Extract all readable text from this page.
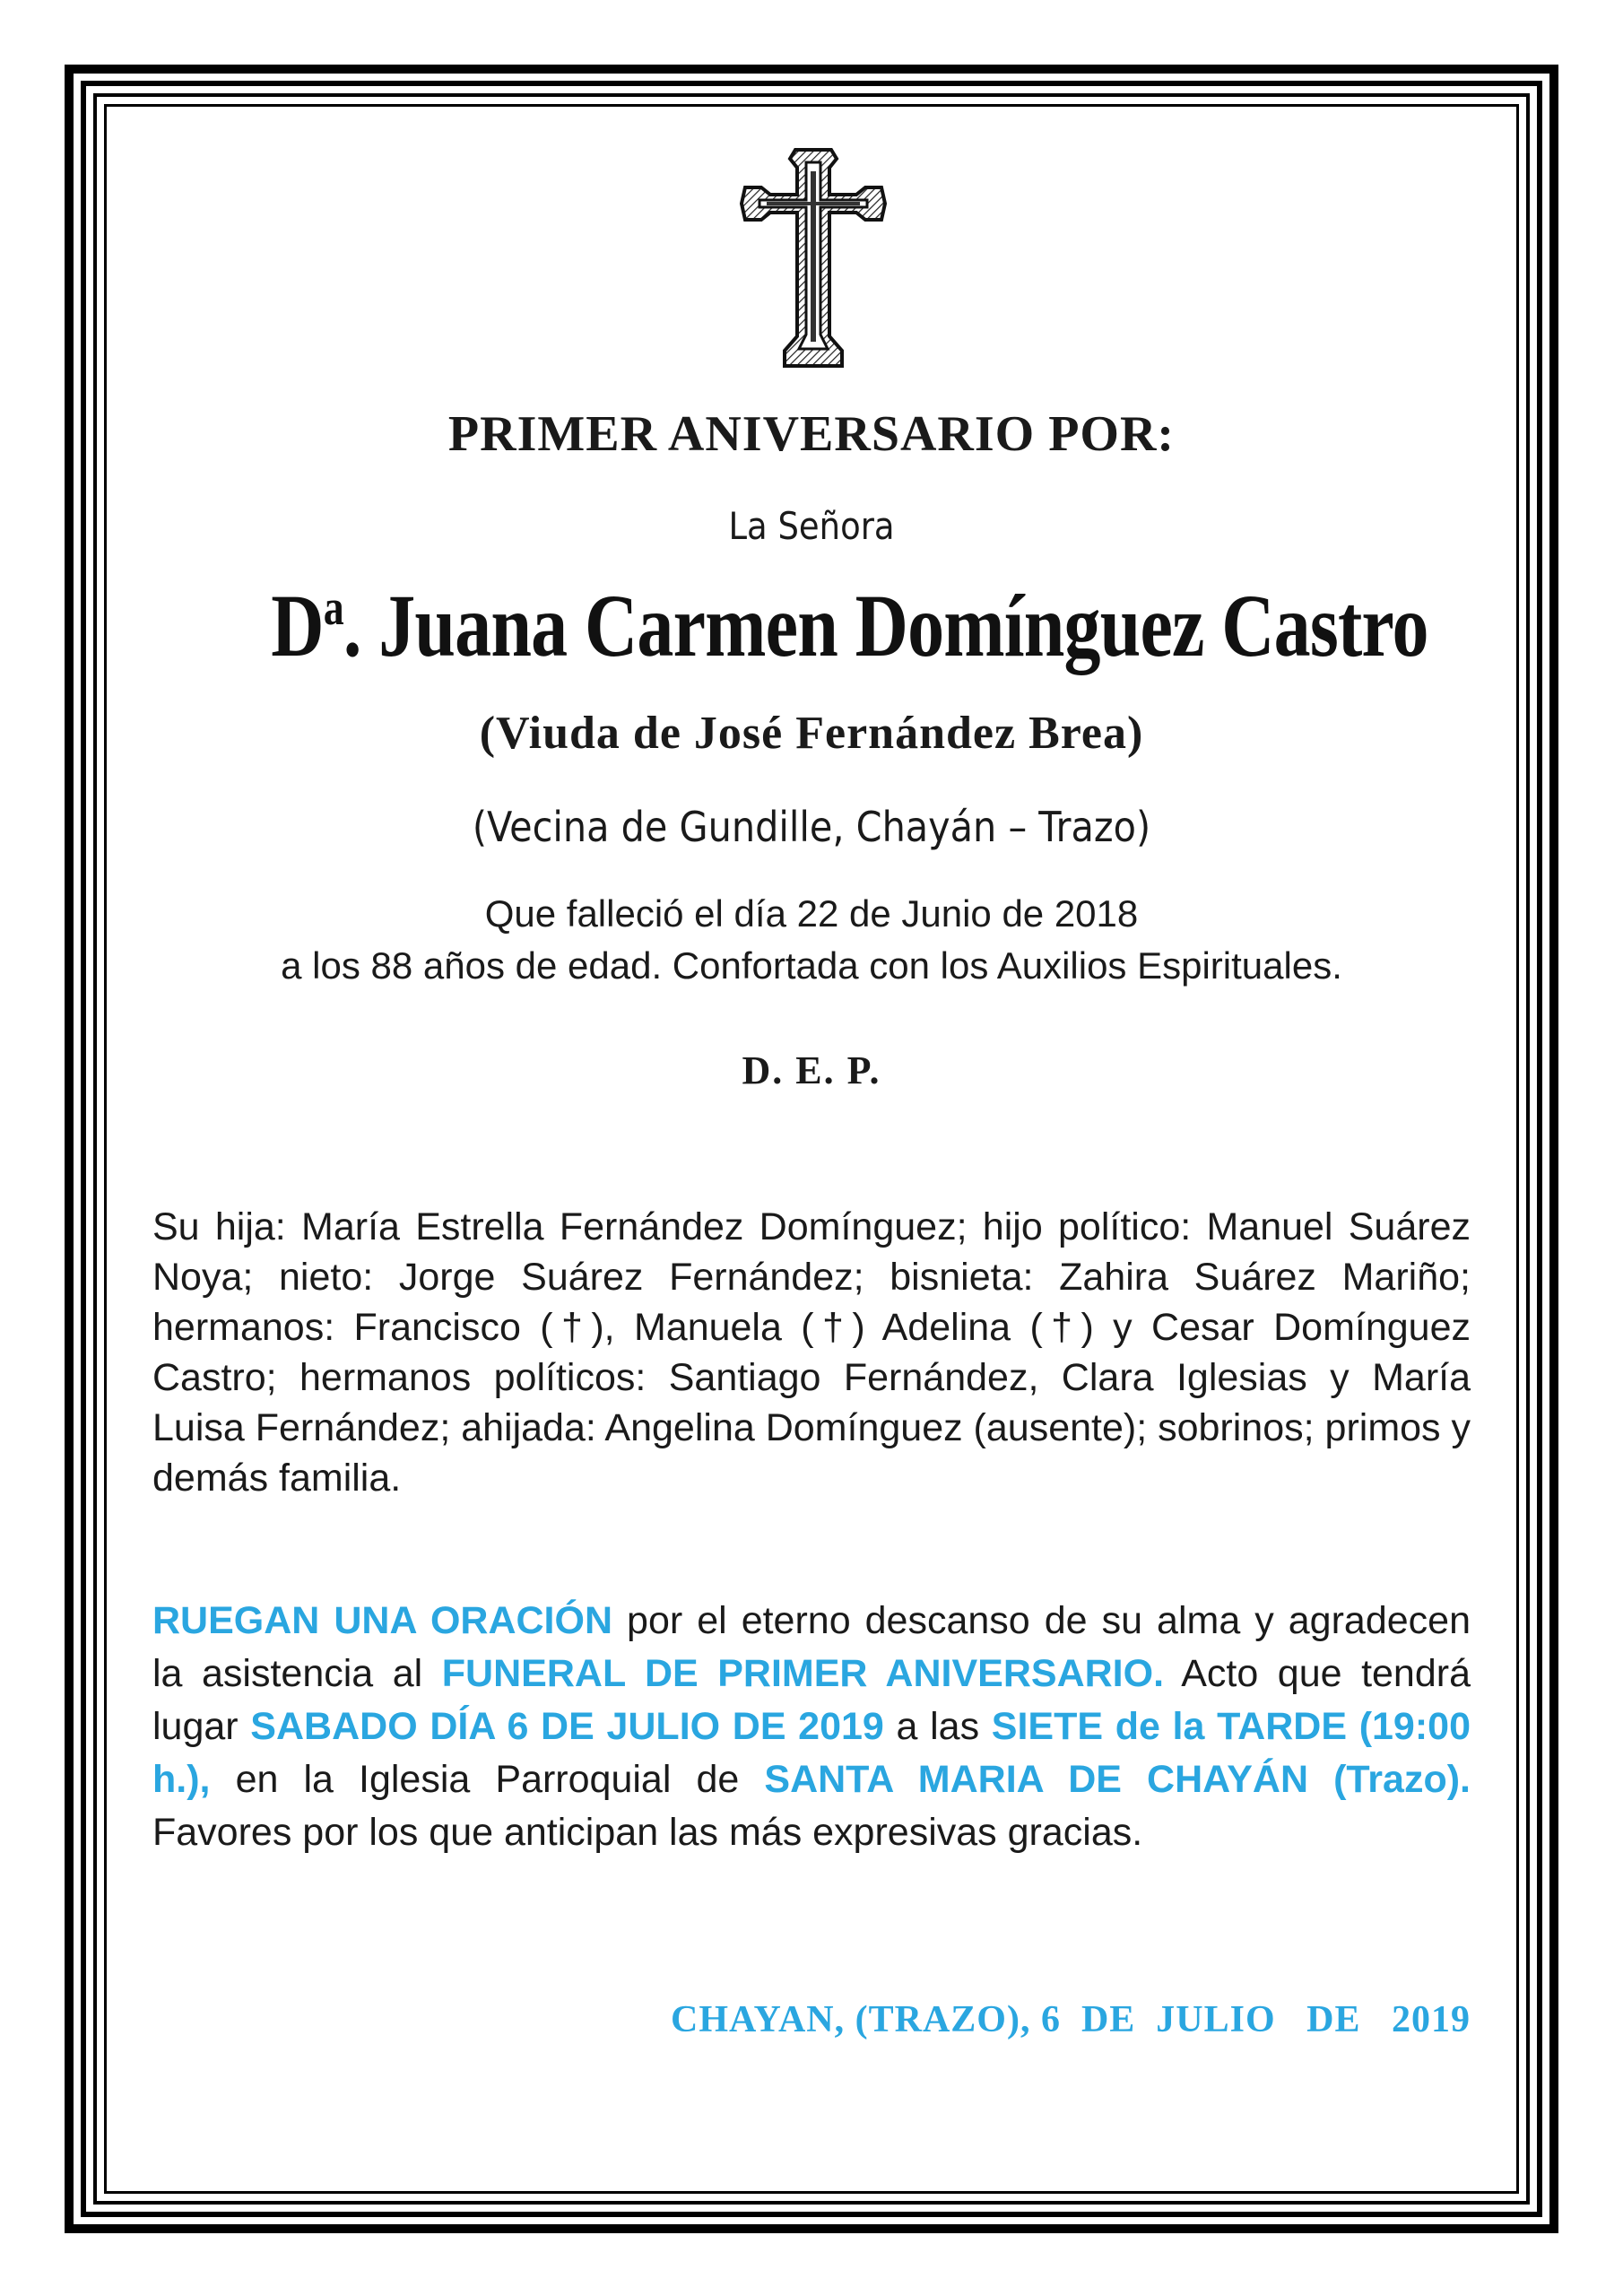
PRIMER ANIVERSARIO POR:
La Señora
$D^a$. Juana Carmen Domínguez Castro
(Viuda de José Fernández Brea)
(Vecina de Gundille, Chayán – Trazo)
Que falleció el día 22 de Junio de 2018
a los 88 años de edad. Confortada con los Auxilios Espirituales.
D. E. P.
Su hija: María Estrella Fernández Domínguez; hijo político: Manuel Suárez Noya; nieto: Jorge Suárez Fernández; bisnieta: Zahira Suárez Mariño; hermanos: Francisco (†), Manuela (†) Adelina (†) y Cesar Domínguez Castro; hermanos políticos: Santiago Fernández, Clara Iglesias y María Luisa Fernández; ahijada: Angelina Domínguez (ausente); sobrinos; primos y demás familia.
RUEGAN UNA ORACIÓN por el eterno descanso de su alma y agradecen la asistencia al FUNERAL DE PRIMER ANIVERSARIO. Acto que tendrá lugar SABADO DÍA 6 DE JULIO DE 2019 a las SIETE de la TARDE (19:00 h.), en la Iglesia Parroquial de SANTA MARIA DE CHAYÁN (Trazo). Favores por los que anticipan las más expresivas gracias.
CHAYAN, (TRAZO), 6  DE  JULIO   DE   2019
